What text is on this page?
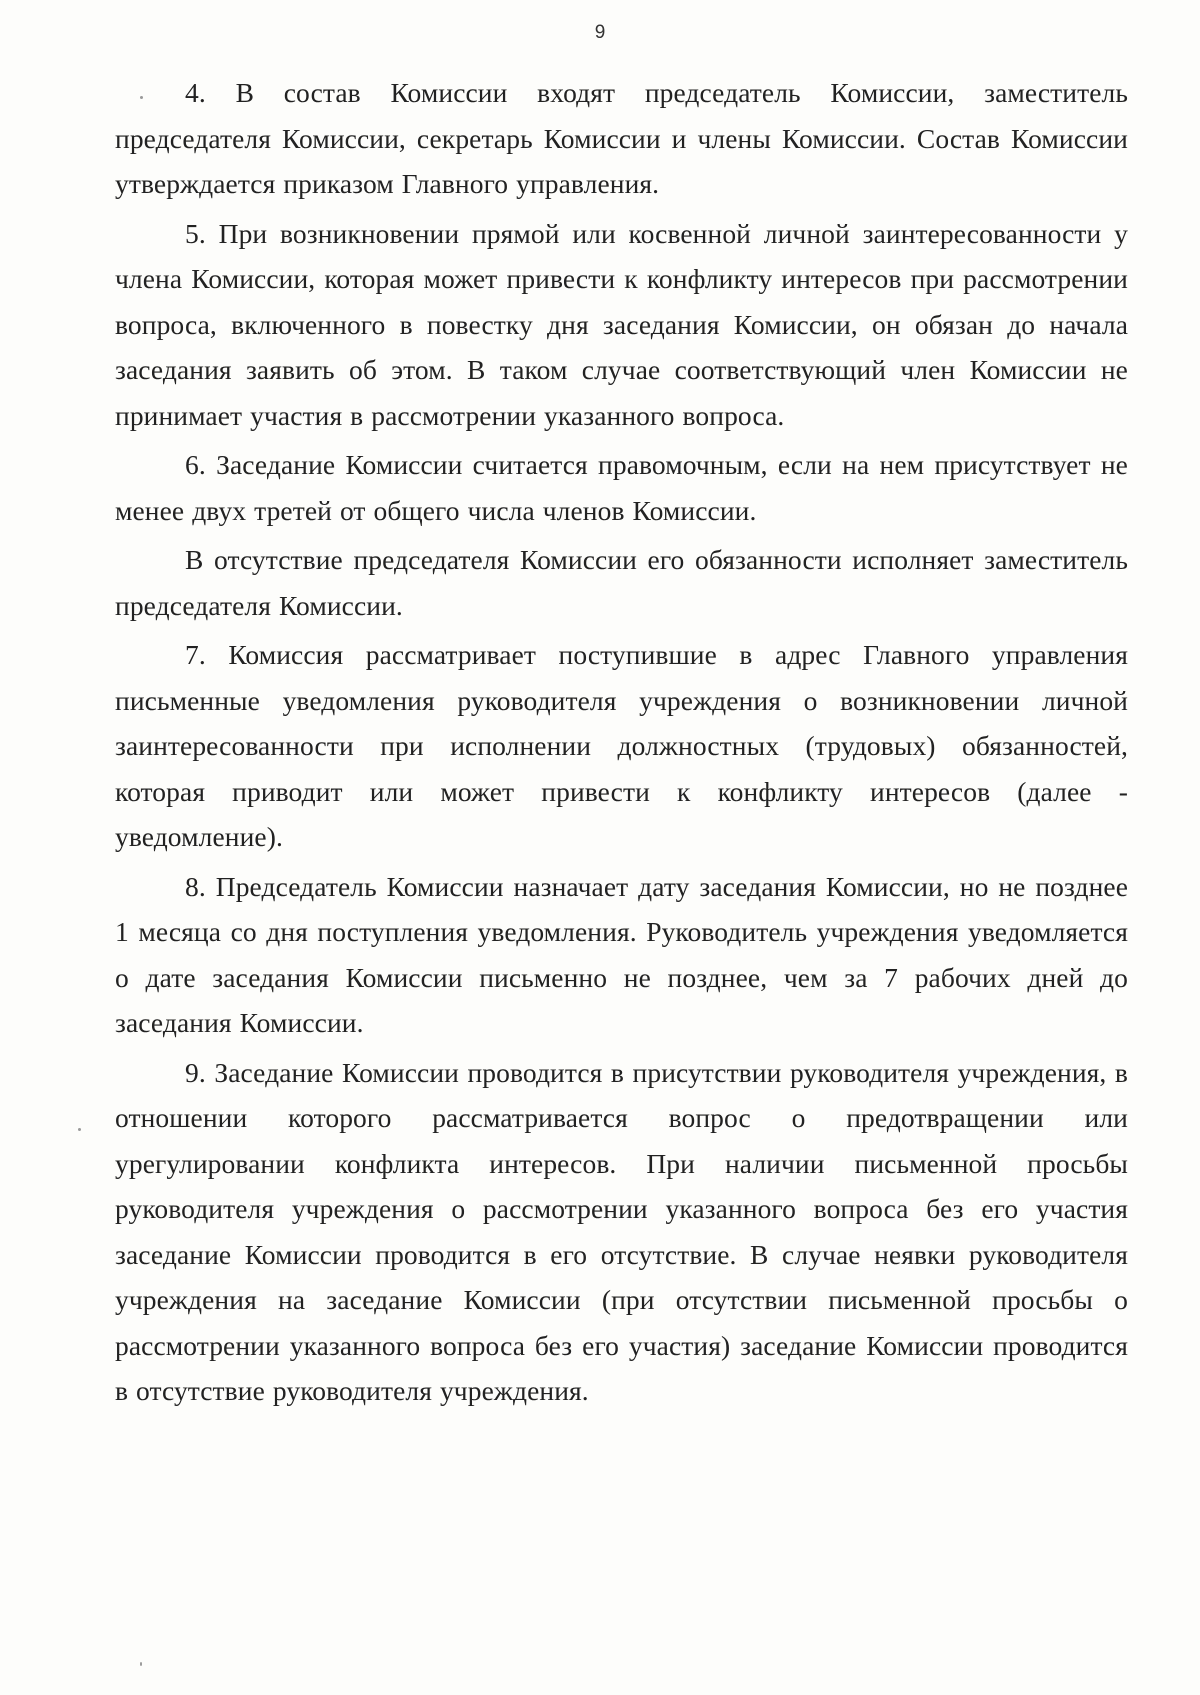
9

4. В состав Комиссии входят председатель Комиссии, заместитель председателя Комиссии, секретарь Комиссии и члены Комиссии. Состав Комиссии утверждается приказом Главного управления.

5. При возникновении прямой или косвенной личной заинтересованности у члена Комиссии, которая может привести к конфликту интересов при рассмотрении вопроса, включенного в повестку дня заседания Комиссии, он обязан до начала заседания заявить об этом. В таком случае соответствующий член Комиссии не принимает участия в рассмотрении указанного вопроса.

6. Заседание Комиссии считается правомочным, если на нем присутствует не менее двух третей от общего числа членов Комиссии.

В отсутствие председателя Комиссии его обязанности исполняет заместитель председателя Комиссии.

7. Комиссия рассматривает поступившие в адрес Главного управления письменные уведомления руководителя учреждения о возникновении личной заинтересованности при исполнении должностных (трудовых) обязанностей, которая приводит или может привести к конфликту интересов (далее - уведомление).

8. Председатель Комиссии назначает дату заседания Комиссии, но не позднее 1 месяца со дня поступления уведомления. Руководитель учреждения уведомляется о дате заседания Комиссии письменно не позднее, чем за 7 рабочих дней до заседания Комиссии.

9. Заседание Комиссии проводится в присутствии руководителя учреждения, в отношении которого рассматривается вопрос о предотвращении или урегулировании конфликта интересов. При наличии письменной просьбы руководителя учреждения о рассмотрении указанного вопроса без его участия заседание Комиссии проводится в его отсутствие. В случае неявки руководителя учреждения на заседание Комиссии (при отсутствии письменной просьбы о рассмотрении указанного вопроса без его участия) заседание Комиссии проводится в отсутствие руководителя учреждения.
